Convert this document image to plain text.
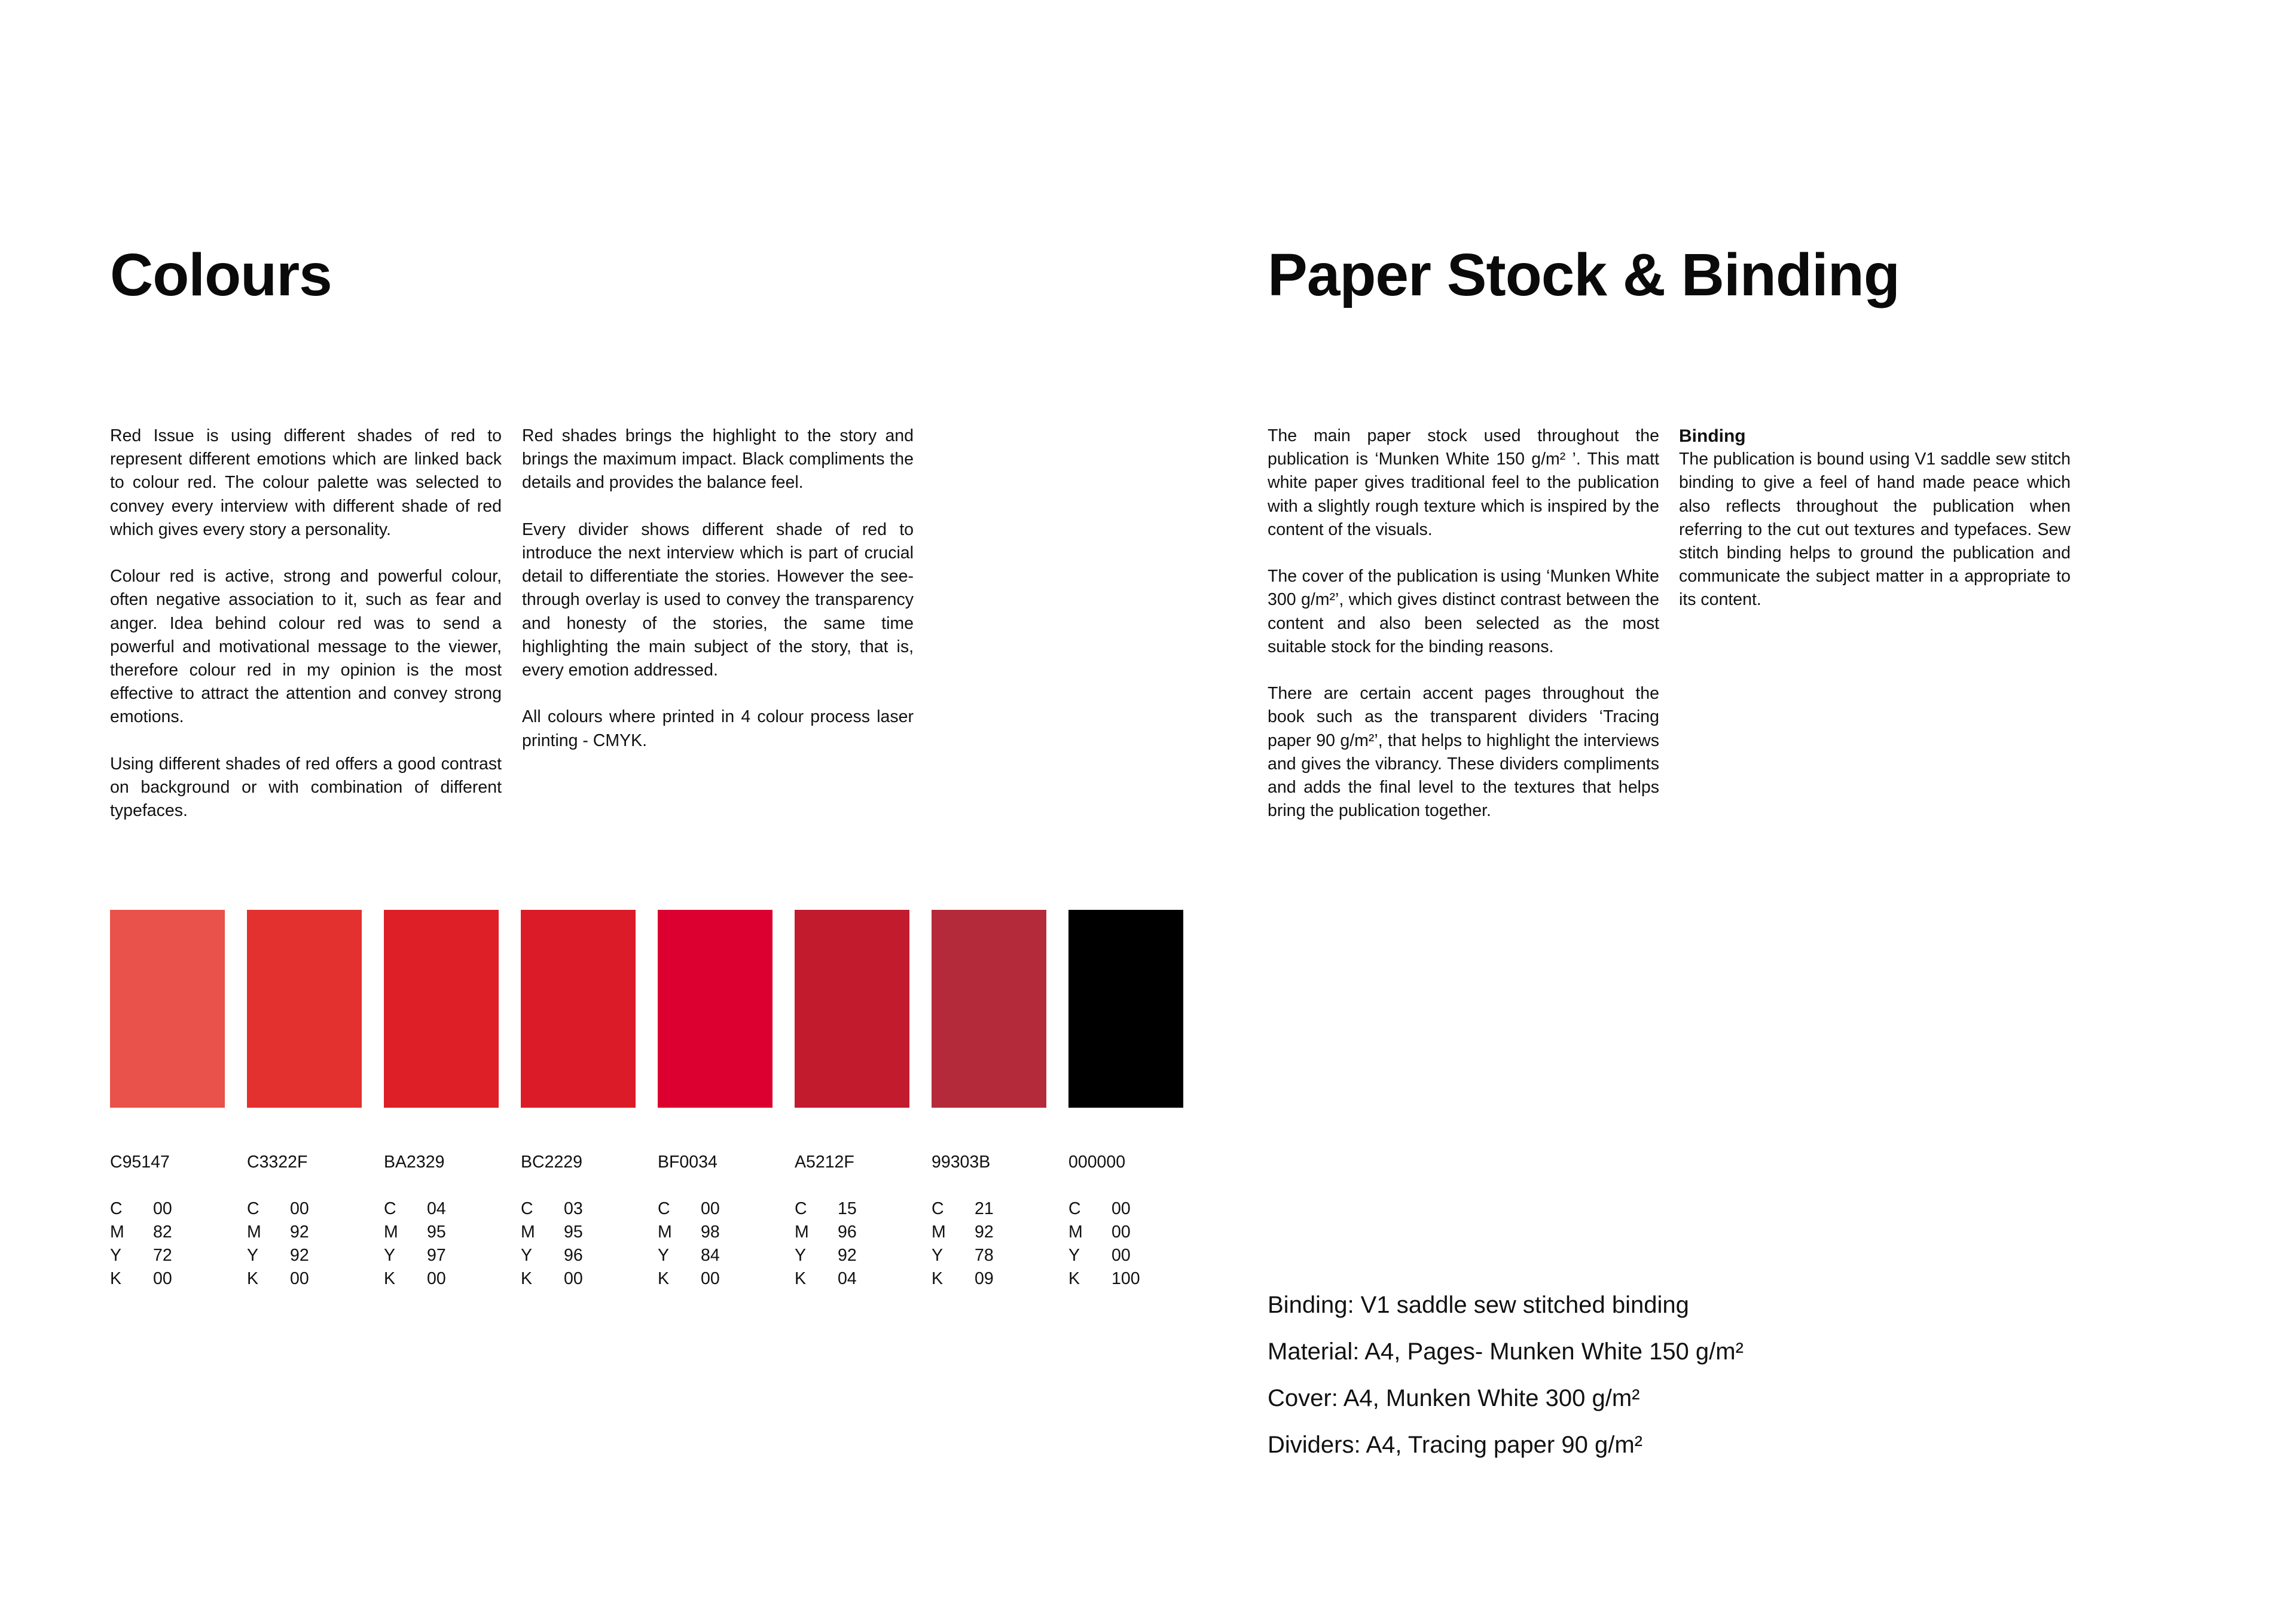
Colours	Paper Stock & Binding

Red Issue is using different shades of red to represent different emotions which are linked back to colour red. The colour palette was selected to convey every interview with different shade of red which gives every story a personality.

Colour red is active, strong and powerful colour, often negative association to it, such as fear and anger. Idea behind colour red was to send a powerful and motivational message to the viewer, therefore colour red in my opinion is the most effective to attract the attention and convey strong emotions.

Using different shades of red offers a good contrast on background or with combination of different typefaces.

Red shades brings the highlight to the story and brings the maximum impact. Black compliments the details and provides the balance feel.

Every divider shows different shade of red to introduce the next interview which is part of crucial detail to differentiate the stories. However the see-through overlay is used to convey the transparency and honesty of the stories, the same time highlighting the main subject of the story, that is, every emotion addressed.

All colours where printed in 4 colour process laser printing - CMYK.

The main paper stock used throughout the publication is ‘Munken White 150 g/m² ’. This matt white paper gives traditional feel to the publication with a slightly rough texture which is inspired by the content of the visuals.

The cover of the publication is using ‘Munken White 300 g/m²’, which gives distinct contrast between the content and also been selected as the most suitable stock for the binding reasons.

There are certain accent pages throughout the book such as the transparent dividers ‘Tracing paper 90 g/m²’, that helps to highlight the interviews and gives the vibrancy. These dividers compliments and adds the final level to the textures that helps bring the publication together.

Binding

The publication is bound using V1 saddle sew stitch binding to give a feel of hand made peace which also reflects throughout the publication when referring to the cut out textures and typefaces. Sew stitch binding helps to ground the publication and communicate the subject matter in a appropriate to its content.

C95147
C	00
M	82
Y	72
K	00
C3322F
C	00
M	92
Y	92
K	00
BA2329
C	04
M	95
Y	97
K	00
BC2229
C	03
M	95
Y	96
K	00
BF0034
C	00
M	98
Y	84
K	00
A5212F
C	15
M	96
Y	92
K	04
99303B
C	21
M	92
Y	78
K	09
000000
C	00
M	00
Y	00
K	100
Binding: V1 saddle sew stitched binding
Material: A4, Pages- Munken White 150 g/m²
Cover: A4, Munken White 300 g/m²
Dividers: A4, Tracing paper 90 g/m²
